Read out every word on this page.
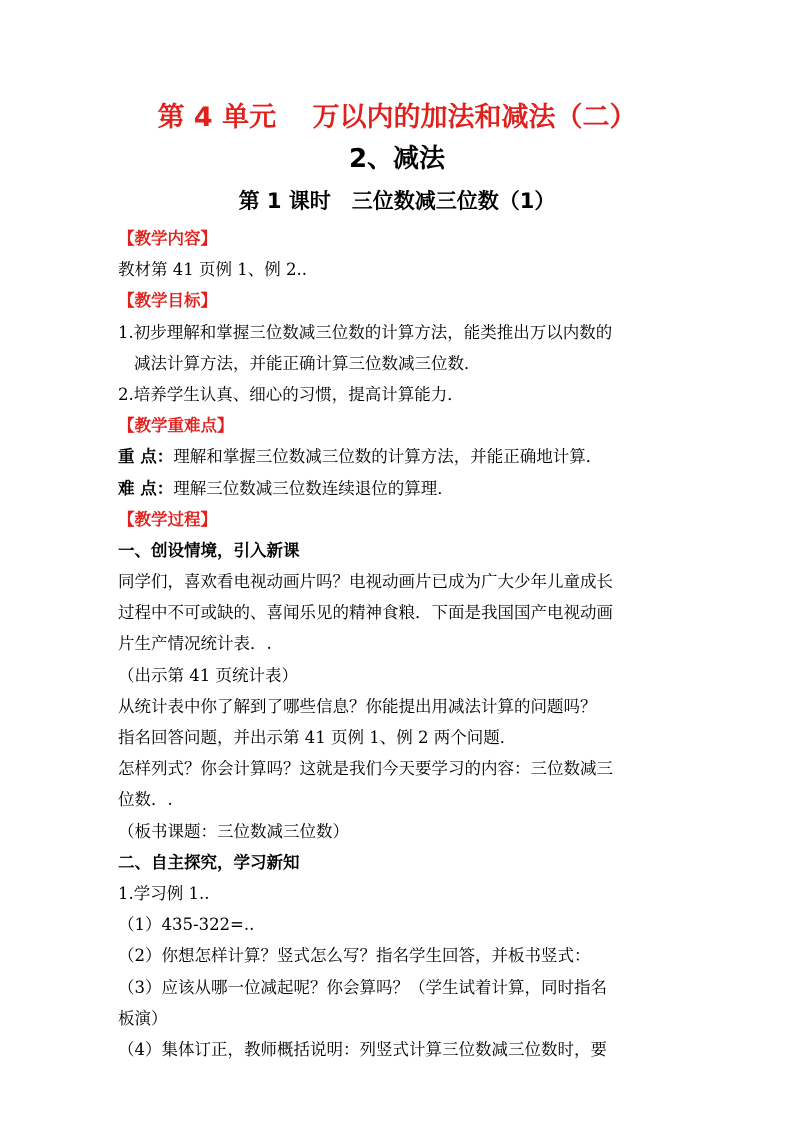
第 4 单元　 万以内的加法和减法（二）
2、减法
第 1 课时　三位数减三位数（1）
【教学内容】
教材第 41 页例 1、例 2..
【教学目标】
1.初步理解和掌握三位数减三位数的计算方法，能类推出万以内数的
减法计算方法，并能正确计算三位数减三位数．
2.培养学生认真、细心的习惯，提高计算能力．
【教学重难点】
重 点：理解和掌握三位数减三位数的计算方法，并能正确地计算．
难 点：理解三位数减三位数连续退位的算理．
【教学过程】
一、创设情境，引入新课
同学们，喜欢看电视动画片吗？电视动画片已成为广大少年儿童成长
过程中不可或缺的、喜闻乐见的精神食粮．下面是我国国产电视动画
片生产情况统计表．.
（出示第 41 页统计表）
从统计表中你了解到了哪些信息？你能提出用减法计算的问题吗？
指名回答问题，并出示第 41 页例 1、例 2 两个问题．
怎样列式？你会计算吗？这就是我们今天要学习的内容：三位数减三
位数．.
（板书课题：三位数减三位数）
二、自主探究，学习新知
1.学习例 1..
（1）435-322=..
（2）你想怎样计算？竖式怎么写？指名学生回答，并板书竖式：
（3）应该从哪一位减起呢？你会算吗？（学生试着计算，同时指名
板演）
（4）集体订正，教师概括说明：列竖式计算三位数减三位数时，要
